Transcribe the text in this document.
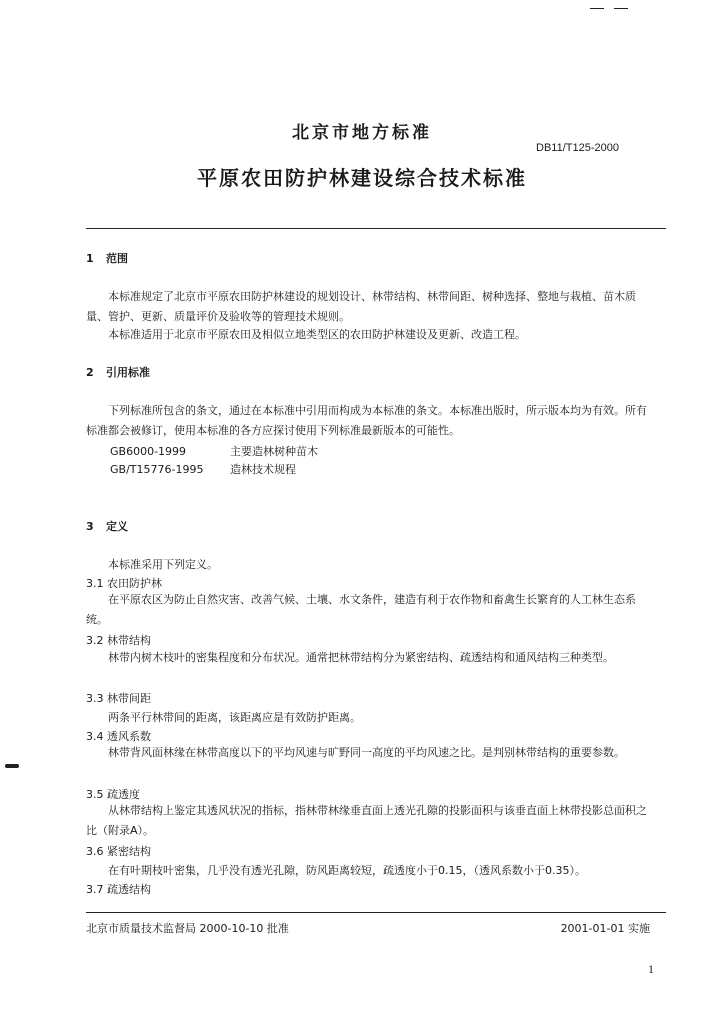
北京市地方标准
DB11/T125-2000
平原农田防护林建设综合技术标准
1 范围
本标准规定了北京市平原农田防护林建设的规划设计、林带结构、林带间距、树种选择、整地与栽植、苗木质量、管护、更新、质量评价及验收等的管理技术规则。
本标准适用于北京市平原农田及相似立地类型区的农田防护林建设及更新、改造工程。
2 引用标准
下列标准所包含的条文，通过在本标准中引用而构成为本标准的条文。本标准出版时，所示版本均为有效。所有标准都会被修订，使用本标准的各方应探讨使用下列标准最新版本的可能性。
GB6000-1999	主要造林树种苗木
GB/T15776-1995 造林技术规程
3 定义
本标准采用下列定义。
3.1 农田防护林
在平原农区为防止自然灾害、改善气候、土壤、水文条件，建造有利于农作物和畜禽生长繁育的人工林生态系统。
3.2 林带结构
林带内树木枝叶的密集程度和分布状况。通常把林带结构分为紧密结构、疏透结构和通风结构三种类型。
3.3 林带间距
两条平行林带间的距离，该距离应是有效防护距离。
3.4 透风系数
林带背风面林缘在林带高度以下的平均风速与旷野同一高度的平均风速之比。是判别林带结构的重要参数。
3.5 疏透度
从林带结构上鉴定其透风状况的指标，指林带林缘垂直面上透光孔隙的投影面积与该垂直面上林带投影总面积之比（附录A）。
3.6 紧密结构
在有叶期枝叶密集，几乎没有透光孔隙，防风距离较短，疏透度小于0.15，（透风系数小于0.35）。
3.7 疏透结构
北京市质量技术监督局 2000-10-10 批准	2001-01-01 实施
1
